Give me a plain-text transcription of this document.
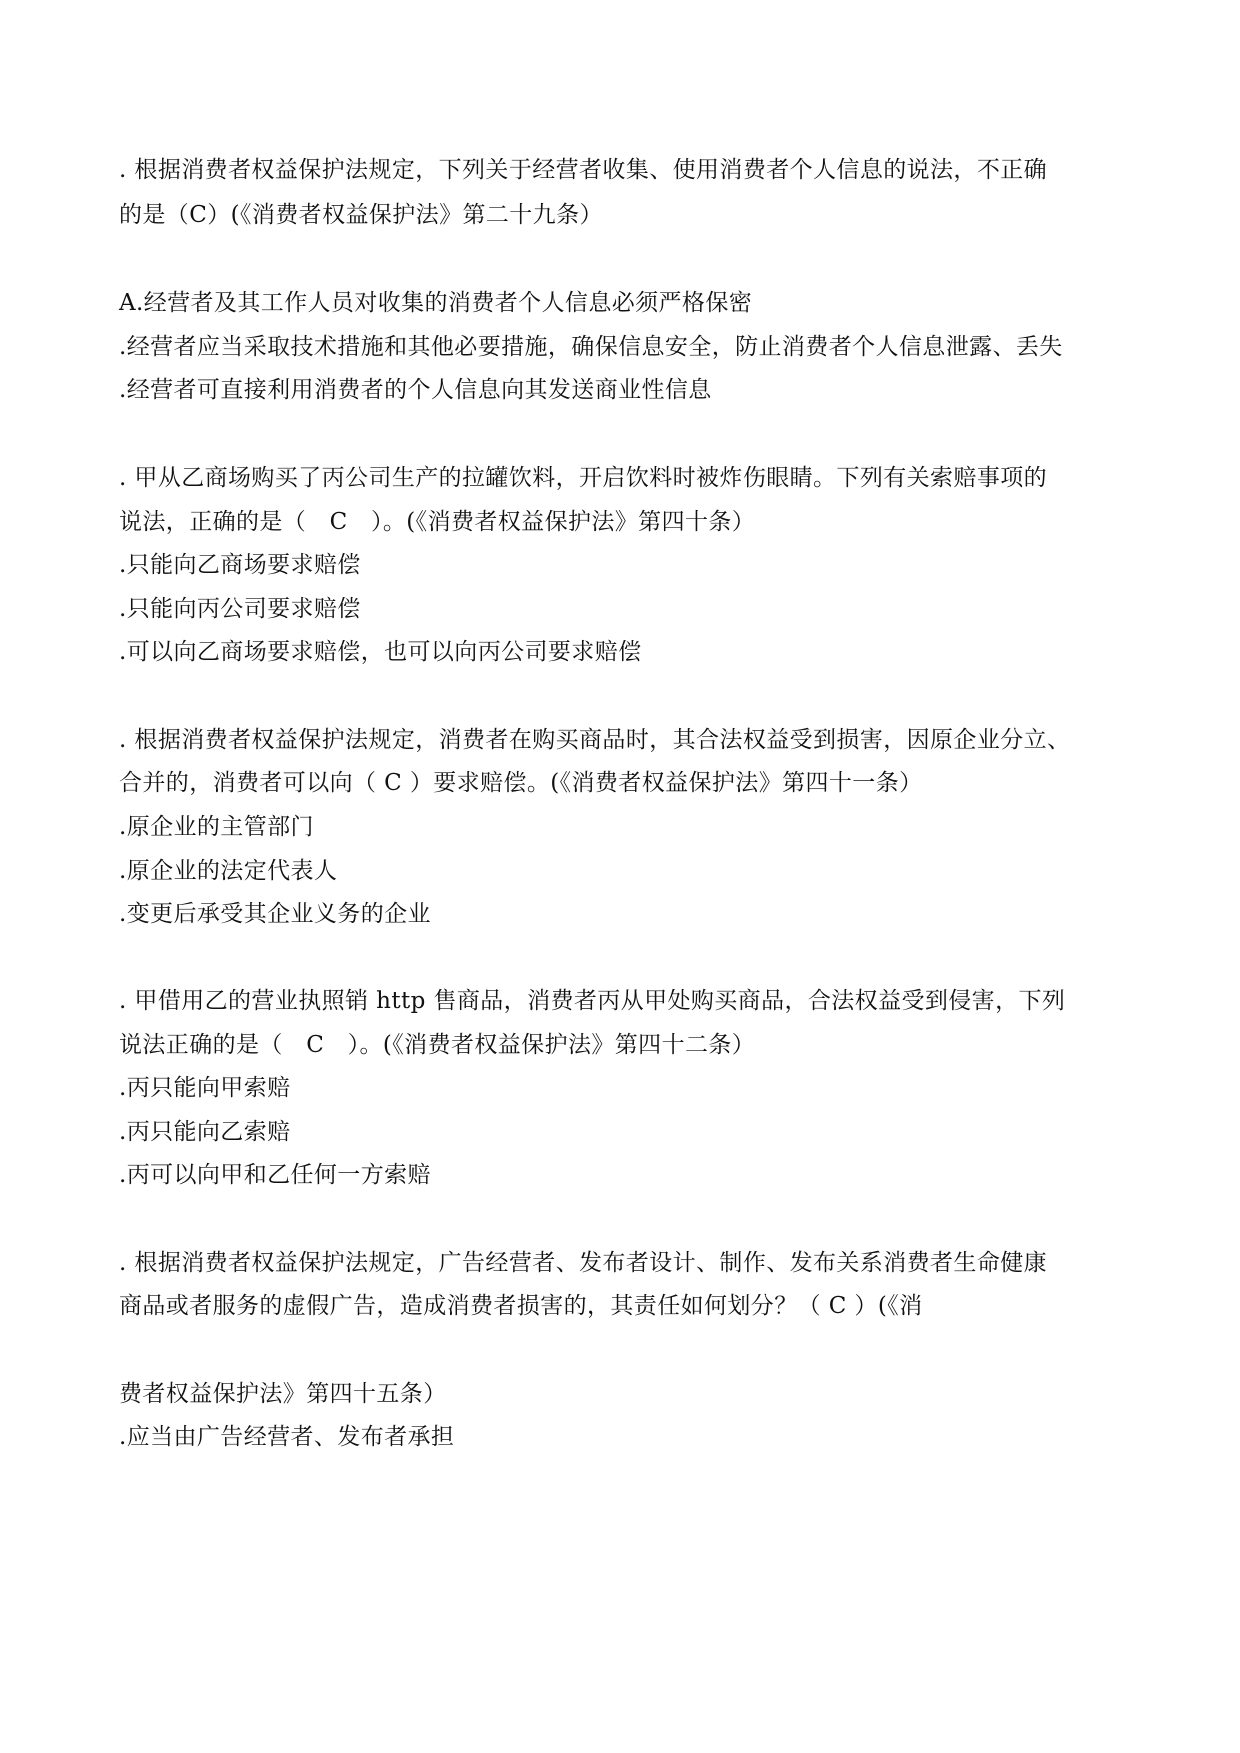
. 根据消费者权益保护法规定，下列关于经营者收集、使用消费者个人信息的说法，不正确
的是（C）(《消费者权益保护法》第二十九条）
A.经营者及其工作人员对收集的消费者个人信息必须严格保密
.经营者应当采取技术措施和其他必要措施，确保信息安全，防止消费者个人信息泄露、丢失
.经营者可直接利用消费者的个人信息向其发送商业性信息
. 甲从乙商场购买了丙公司生产的拉罐饮料，开启饮料时被炸伤眼睛。下列有关索赔事项的
说法，正确的是（　C　）。(《消费者权益保护法》第四十条）
.只能向乙商场要求赔偿
.只能向丙公司要求赔偿
.可以向乙商场要求赔偿，也可以向丙公司要求赔偿
. 根据消费者权益保护法规定，消费者在购买商品时，其合法权益受到损害，因原企业分立、
合并的，消费者可以向（ C ）要求赔偿。(《消费者权益保护法》第四十一条）
.原企业的主管部门
.原企业的法定代表人
.变更后承受其企业义务的企业
. 甲借用乙的营业执照销 http 售商品，消费者丙从甲处购买商品，合法权益受到侵害，下列
说法正确的是（　C　）。(《消费者权益保护法》第四十二条）
.丙只能向甲索赔
.丙只能向乙索赔
.丙可以向甲和乙任何一方索赔
. 根据消费者权益保护法规定，广告经营者、发布者设计、制作、发布关系消费者生命健康
商品或者服务的虚假广告，造成消费者损害的，其责任如何划分？（ C ）(《消
费者权益保护法》第四十五条）
.应当由广告经营者、发布者承担
